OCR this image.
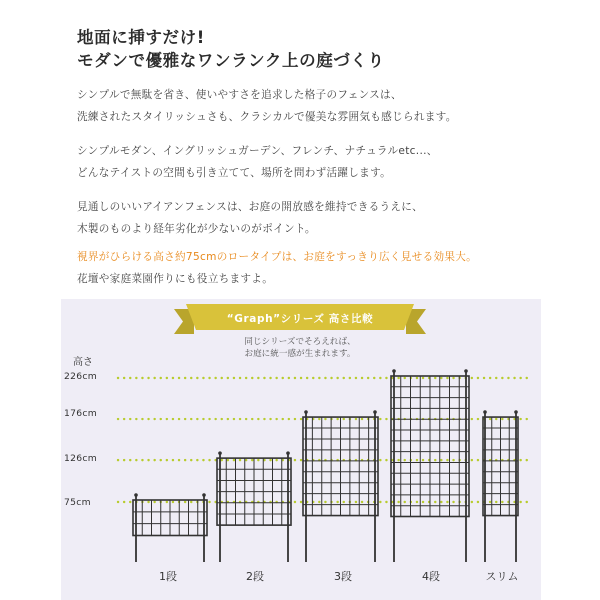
地面に挿すだけ!
モダンで優雅なワンランク上の庭づくり
シンプルで無駄を省き、使いやすさを追求した格子のフェンスは、
洗練されたスタイリッシュさも、クラシカルで優美な雰囲気も感じられます。
シンプルモダン、イングリッシュガーデン、フレンチ、ナチュラルetc...、
どんなテイストの空間も引き立てて、場所を問わず活躍します。
見通しのいいアイアンフェンスは、お庭の開放感を維持できるうえに、
木製のものより経年劣化が少ないのがポイント。
視界がひらける高さ約75cmのロータイプは、お庭をすっきり広く見せる効果大。
花壇や家庭菜園作りにも役立ちますよ。
“Graph”シリーズ 高さ比較
同じシリーズでそろえれば、
お庭に統一感が生まれます。
高さ
226cm
176cm
126cm
75cm
1段	2段	3段	4段	スリム
